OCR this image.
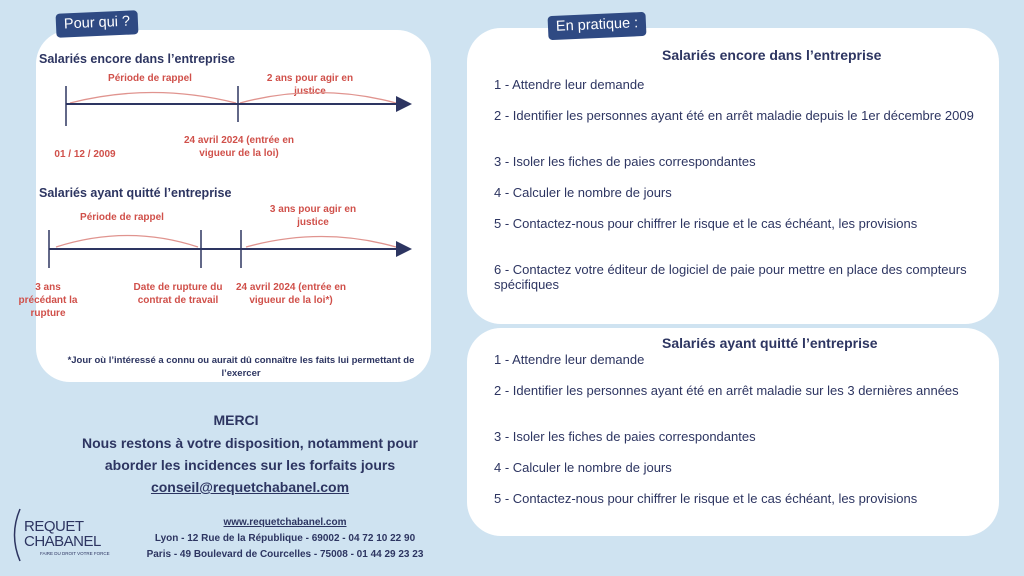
Pour qui ?
Salariés encore dans l’entreprise
Période de rappel	2 ans pour agir en justice
01 / 12 / 2009
24 avril 2024 (entrée en vigueur de la loi)
Salariés ayant quitté l’entreprise
Période de rappel
3 ans pour agir en justice
3 ans précédant la rupture
Date de rupture du contrat de travail
24 avril 2024 (entrée en vigueur de la loi*)
*Jour où l’intéressé a connu ou aurait dû connaître les faits lui permettant de l’exercer
En pratique :
Salariés encore dans l’entreprise
1 - Attendre leur demande
2 - Identifier les personnes ayant été en arrêt maladie depuis le 1er décembre 2009
3 - Isoler les fiches de paies correspondantes
4 - Calculer le nombre de jours
5 - Contactez-nous pour chiffrer le risque et le cas échéant, les provisions
6 - Contactez votre éditeur de logiciel de paie pour mettre en place des compteurs spécifiques
Salariés ayant quitté l’entreprise
1 - Attendre leur demande
2 - Identifier les personnes ayant été en arrêt maladie sur les 3 dernières années
3 - Isoler les fiches de paies correspondantes
4 - Calculer le nombre de jours
5 - Contactez-nous pour chiffrer le risque et le cas échéant, les provisions
MERCI
Nous restons à votre disposition, notamment pour
aborder les incidences sur les forfaits jours
conseil@requetchabanel.com
REQUET
CHABANEL
FAIRE DU DROIT VOTRE FORCE
www.requetchabanel.com
Lyon - 12 Rue de la République - 69002 - 04 72 10 22 90
Paris - 49 Boulevard de Courcelles - 75008 - 01 44 29 23 23
